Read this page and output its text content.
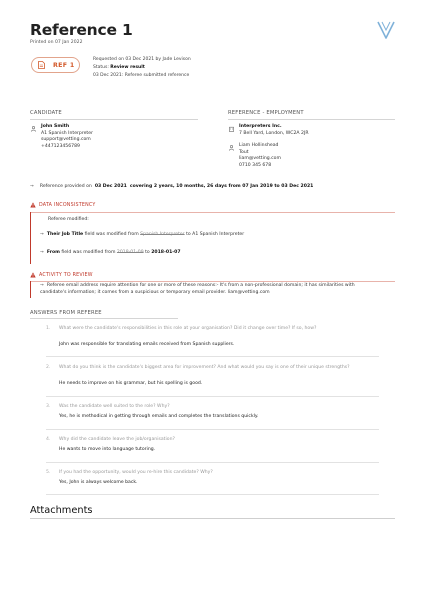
Reference 1
Printed on 07 Jan 2022
REF 1
Requested on 03 Dec 2021 by Jade Levison
Status: Review result
03 Dec 2021: Referee submitted reference
CANDIDATE	REFERENCE - EMPLOYMENT
John Smith
A1 Spanish Interpreter
support@vetting.com
+447123456789
Interpreters Inc.
7 Bell Yard, London, WC2A 2JR
Liam Hollinshead
Tout
liam@vetting.com
0710 345 678
→ Reference provided on 03 Dec 2021 covering 2 years, 10 months, 26 days from 07 Jan 2019 to 03 Dec 2021
DATA INCONSISTENCY
Referee modified:
→ Their Job Title field was modified from Spanish Interpreter to A1 Spanish Interpreter
→ From field was modified from 2018-01-09 to 2018-01-07
ACTIVITY TO REVIEW
→ Referee email address require attention for one or more of these reasons:- It's from a non-professional domain; it has similarities with
candidate's information; it comes from a suspicious or temporary email provider. liam@vetting.com
ANSWERS FROM REFEREE
1. What were the candidate's responsibilities in this role at your organisation? Did it change over time? If so, how?
John was responsible for translating emails received from Spanish suppliers.
2. What do you think is the candidate's biggest area for improvement? And what would you say is one of their unique strengths?
He needs to improve on his grammar, but his spelling is good.
3. Was the candidate well suited to the role? Why?
Yes, he is methodical in getting through emails and completes the translations quickly.
4. Why did the candidate leave the job/organisation?
He wants to move into language tutoring.
5. If you had the opportunity, would you re-hire this candidate? Why?
Yes, John is always welcome back.
Attachments
